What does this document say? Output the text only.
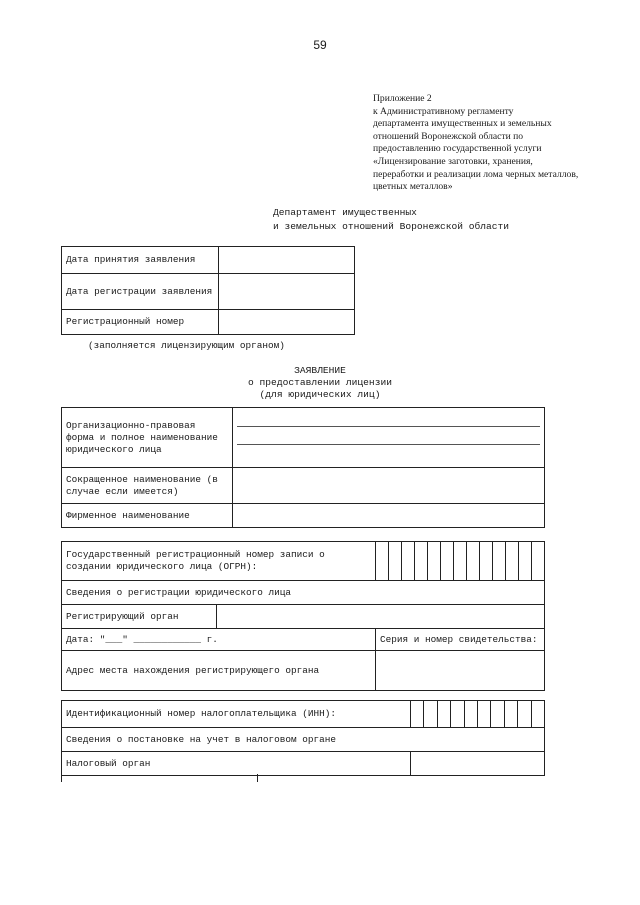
59
Приложение 2
к Административному регламенту
департамента имущественных и земельных
отношений Воронежской области по
предоставлению государственной услуги
«Лицензирование заготовки, хранения,
переработки и реализации лома черных металлов,
цветных металлов»
Департамент имущественных
и земельных отношений Воронежской области
Дата принятия заявления	
Дата регистрации заявления	
Регистрационный номер	
(заполняется лицензирующим органом)
ЗАЯВЛЕНИЕ
о предоставлении лицензии
(для юридических лиц)
Организационно-правовая форма и полное наименование юридического лица	

Сокращенное наименование (в случае если имеется)	
Фирменное наименование	
Государственный регистрационный номер записи о создании юридического лица (ОГРН):		

Сведения о регистрации юридического лица		
Регистрирующий орган		
Дата: "___" ____________ г.		Серия и номер свидетельства:
Адрес места нахождения регистрирующего органа		
Идентификационный номер налогоплательщика (ИНН):	

Сведения о постановке на учет в налоговом органе	
Налоговый орган	
